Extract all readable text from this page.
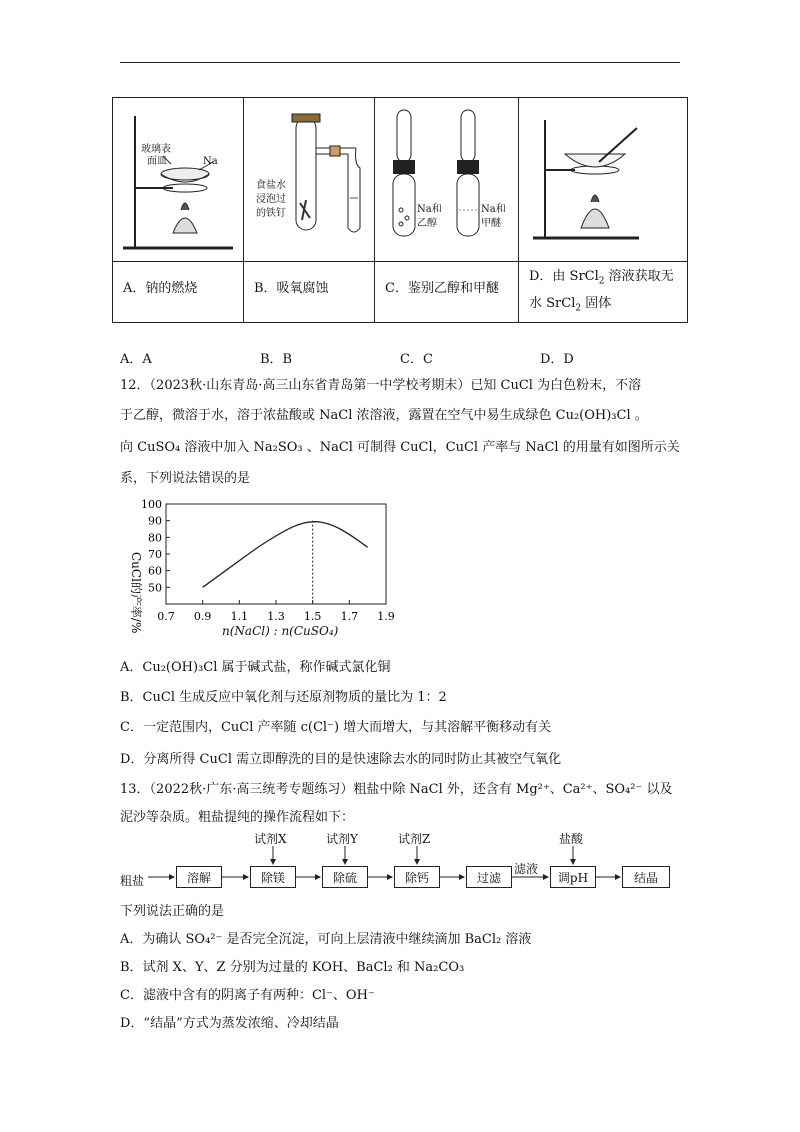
玻璃表
面皿	Na
A．钠的燃烧
食盐水
浸泡过
的铁钉
B．吸氧腐蚀
Na和
乙醇
Na和
甲醚
C．鉴别乙醇和甲醚
D．由 SrCl$_2$ 溶液获取无
水 SrCl$_2$ 固体
A．A	B．B	C．C	D．D
12．（2023秋·山东青岛·高三山东省青岛第一中学校考期末）已知 CuCl 为白色粉末，不溶
于乙醇，微溶于水，溶于浓盐酸或 NaCl 浓溶液，露置在空气中易生成绿色 Cu₂(OH)₃Cl 。
向 CuSO₄ 溶液中加入 Na₂SO₃ 、NaCl 可制得 CuCl，CuCl 产率与 NaCl 的用量有如图所示关
系，下列说法错误的是
CuCl的产率/% 50
60
70
80
90
100
0.7 0.9 1.1 1.3 1.5 1.7 1.9
n(NaCl) : n(CuSO₄)
A．Cu₂(OH)₃Cl 属于碱式盐，称作碱式氯化铜
B．CuCl 生成反应中氧化剂与还原剂物质的量比为 1：2
C．一定范围内，CuCl 产率随 c(Cl⁻) 增大而增大，与其溶解平衡移动有关
D．分离所得 CuCl 需立即醇洗的目的是快速除去水的同时防止其被空气氧化
13．（2022秋·广东·高三统考专题练习）粗盐中除 NaCl 外，还含有 Mg²⁺、Ca²⁺、SO₄²⁻ 以及
泥沙等杂质。粗盐提纯的操作流程如下：
粗盐	溶解	除镁	除硫	除钙	过滤	调pH	结晶
试剂X	试剂Y	试剂Z	盐酸
滤液
下列说法正确的是
A．为确认 SO₄²⁻ 是否完全沉淀，可向上层清液中继续滴加 BaCl₂ 溶液
B．试剂 X、Y、Z 分别为过量的 KOH、BaCl₂ 和 Na₂CO₃
C．滤液中含有的阴离子有两种：Cl⁻、OH⁻
D．“结晶”方式为蒸发浓缩、冷却结晶
